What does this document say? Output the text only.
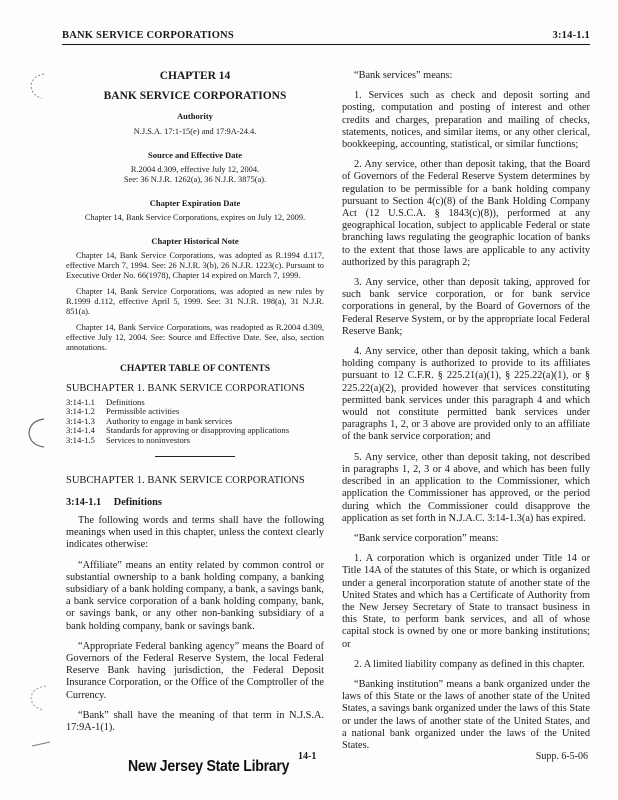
BANK SERVICE CORPORATIONS	3:14-1.1
CHAPTER 14
BANK SERVICE CORPORATIONS
Authority
N.J.S.A. 17:1-15(e) and 17:9A-24.4.
Source and Effective Date
R.2004 d.309, effective July 12, 2004.
See: 36 N.J.R. 1262(a), 36 N.J.R. 3875(a).
Chapter Expiration Date
Chapter 14, Bank Service Corporations, expires on July 12, 2009.
Chapter Historical Note

Chapter 14, Bank Service Corporations, was adopted as R.1994 d.117, effective March 7, 1994. See: 26 N.J.R. 3(b), 26 N.J.R. 1223(c). Pursuant to Executive Order No. 66(1978), Chapter 14 expired on March 7, 1999.

Chapter 14, Bank Service Corporations, was adopted as new rules by R.1999 d.112, effective April 5, 1999. See: 31 N.J.R. 198(a), 31 N.J.R. 851(a).

Chapter 14, Bank Service Corporations, was readopted as R.2004 d.309, effective July 12, 2004. See: Source and Effective Date. See, also, section annotations.

CHAPTER TABLE OF CONTENTS
SUBCHAPTER 1. BANK SERVICE CORPORATIONS
3:14-1.1	Definitions
3:14-1.2	Permissible activities
3:14-1.3	Authority to engage in bank services
3:14-1.4	Standards for approving or disapproving applications
3:14-1.5	Services to noninvestors
SUBCHAPTER 1. BANK SERVICE CORPORATIONS
3:14-1.1 Definitions

The following words and terms shall have the following meanings when used in this chapter, unless the context clearly indicates otherwise:

“Affiliate” means an entity related by common control or substantial ownership to a bank holding company, a banking subsidiary of a bank holding company, a bank, a savings bank, a bank service corporation of a bank holding company, bank, or savings bank, or any other non-banking subsidiary of a bank holding company, bank or savings bank.

“Appropriate Federal banking agency” means the Board of Governors of the Federal Reserve System, the local Federal Reserve Bank having jurisdiction, the Federal Deposit Insurance Corporation, or the Office of the Comptroller of the Currency.

“Bank” shall have the meaning of that term in N.J.S.A. 17:9A-1(1).

“Bank services” means:

1. Services such as check and deposit sorting and posting, computation and posting of interest and other credits and charges, preparation and mailing of checks, statements, notices, and similar items, or any other clerical, bookkeeping, accounting, statistical, or similar functions;

2. Any service, other than deposit taking, that the Board of Governors of the Federal Reserve System determines by regulation to be permissible for a bank holding company pursuant to Section 4(c)(8) of the Bank Holding Company Act (12 U.S.C.A. § 1843(c)(8)), performed at any geographical location, subject to applicable Federal or state branching laws regulating the geographic location of banks to the extent that those laws are applicable to any activity authorized by this paragraph 2;

3. Any service, other than deposit taking, approved for such bank service corporation, or for bank service corporations in general, by the Board of Governors of the Federal Reserve System, or by the appropriate local Federal Reserve Bank;

4. Any service, other than deposit taking, which a bank holding company is authorized to provide to its affiliates pursuant to 12 C.F.R. § 225.21(a)(1), § 225.22(a)(1), or § 225.22(a)(2), provided however that services constituting permitted bank services under this paragraph 4 and which would not constitute permitted bank services under paragraphs 1, 2, or 3 above are provided only to an affiliate of the bank service corporation; and

5. Any service, other than deposit taking, not described in paragraphs 1, 2, 3 or 4 above, and which has been fully described in an application to the Commissioner, which application the Commissioner has approved, or the period during which the Commissioner could disapprove the application as set forth in N.J.A.C. 3:14-1.3(a) has expired.

“Bank service corporation” means:

1. A corporation which is organized under Title 14 or Title 14A of the statutes of this State, or which is organized under a general incorporation statute of another state of the United States and which has a Certificate of Authority from the New Jersey Secretary of State to transact business in this State, to perform bank services, and all of whose capital stock is owned by one or more banking institutions; or

2. A limited liability company as defined in this chapter.

“Banking institution” means a bank organized under the laws of this State or the laws of another state of the United States, a savings bank organized under the laws of this State or under the laws of another state of the United States, and a national bank organized under the laws of the United States.

14-1	Supp. 6-5-06
New Jersey State Library
